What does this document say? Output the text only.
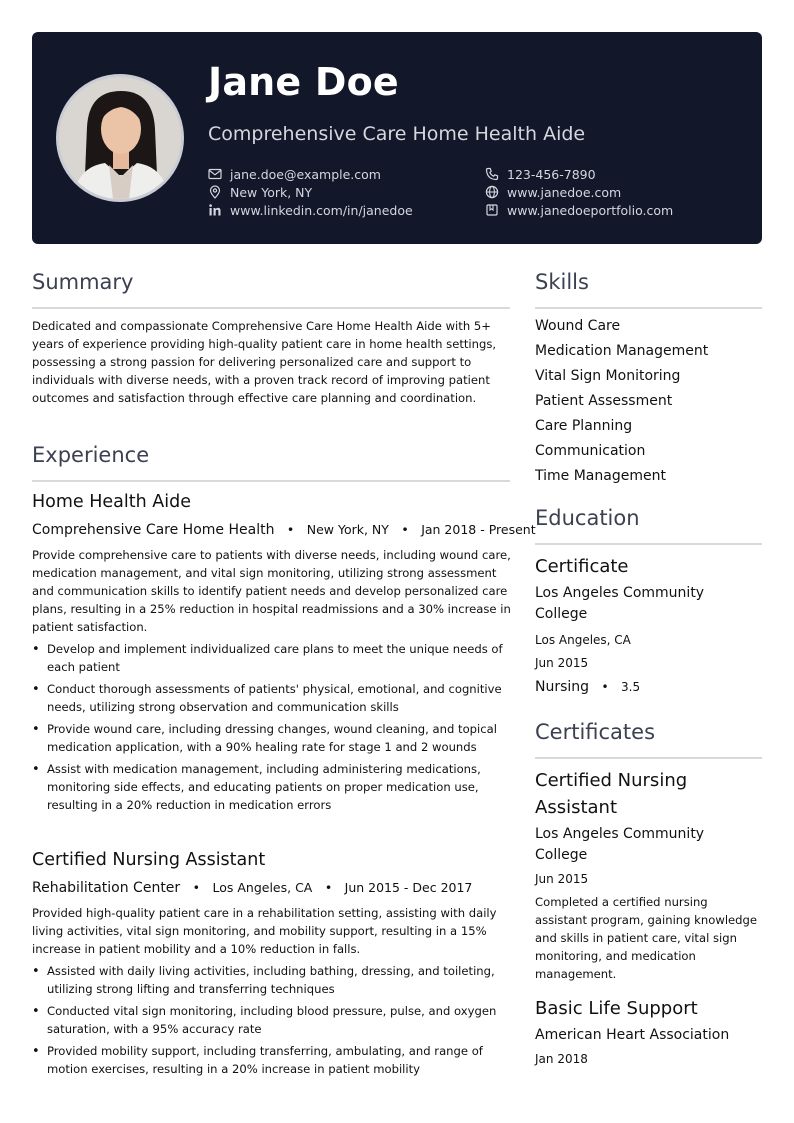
Jane Doe
Comprehensive Care Home Health Aide
jane.doe@example.com	123-456-7890
New York, NY	www.janedoe.com
www.linkedin.com/in/janedoe	www.janedoeportfolio.com
Summary
Dedicated and compassionate Comprehensive Care Home Health Aide with 5+ years of experience providing high-quality patient care in home health settings, possessing a strong passion for delivering personalized care and support to individuals with diverse needs, with a proven track record of improving patient outcomes and satisfaction through effective care planning and coordination.
Experience
Home Health Aide
Comprehensive Care Home Health • New York, NY • Jan 2018 - Present
Provide comprehensive care to patients with diverse needs, including wound care, medication management, and vital sign monitoring, utilizing strong assessment and communication skills to identify patient needs and develop personalized care plans, resulting in a 25% reduction in hospital readmissions and a 30% increase in patient satisfaction.
• Develop and implement individualized care plans to meet the unique needs of each patient
• Conduct thorough assessments of patients' physical, emotional, and cognitive needs, utilizing strong observation and communication skills
• Provide wound care, including dressing changes, wound cleaning, and topical medication application, with a 90% healing rate for stage 1 and 2 wounds
• Assist with medication management, including administering medications, monitoring side effects, and educating patients on proper medication use, resulting in a 20% reduction in medication errors
Certified Nursing Assistant
Rehabilitation Center • Los Angeles, CA • Jun 2015 - Dec 2017
Provided high-quality patient care in a rehabilitation setting, assisting with daily living activities, vital sign monitoring, and mobility support, resulting in a 15% increase in patient mobility and a 10% reduction in falls.
• Assisted with daily living activities, including bathing, dressing, and toileting, utilizing strong lifting and transferring techniques
• Conducted vital sign monitoring, including blood pressure, pulse, and oxygen saturation, with a 95% accuracy rate
• Provided mobility support, including transferring, ambulating, and range of motion exercises, resulting in a 20% increase in patient mobility
Skills
Wound Care
Medication Management
Vital Sign Monitoring
Patient Assessment
Care Planning
Communication
Time Management
Education
Certificate
Los Angeles Community College
Los Angeles, CA
Jun 2015
Nursing • 3.5
Certificates
Certified Nursing Assistant
Los Angeles Community College
Jun 2015
Completed a certified nursing assistant program, gaining knowledge and skills in patient care, vital sign monitoring, and medication management.
Basic Life Support
American Heart Association
Jan 2018
